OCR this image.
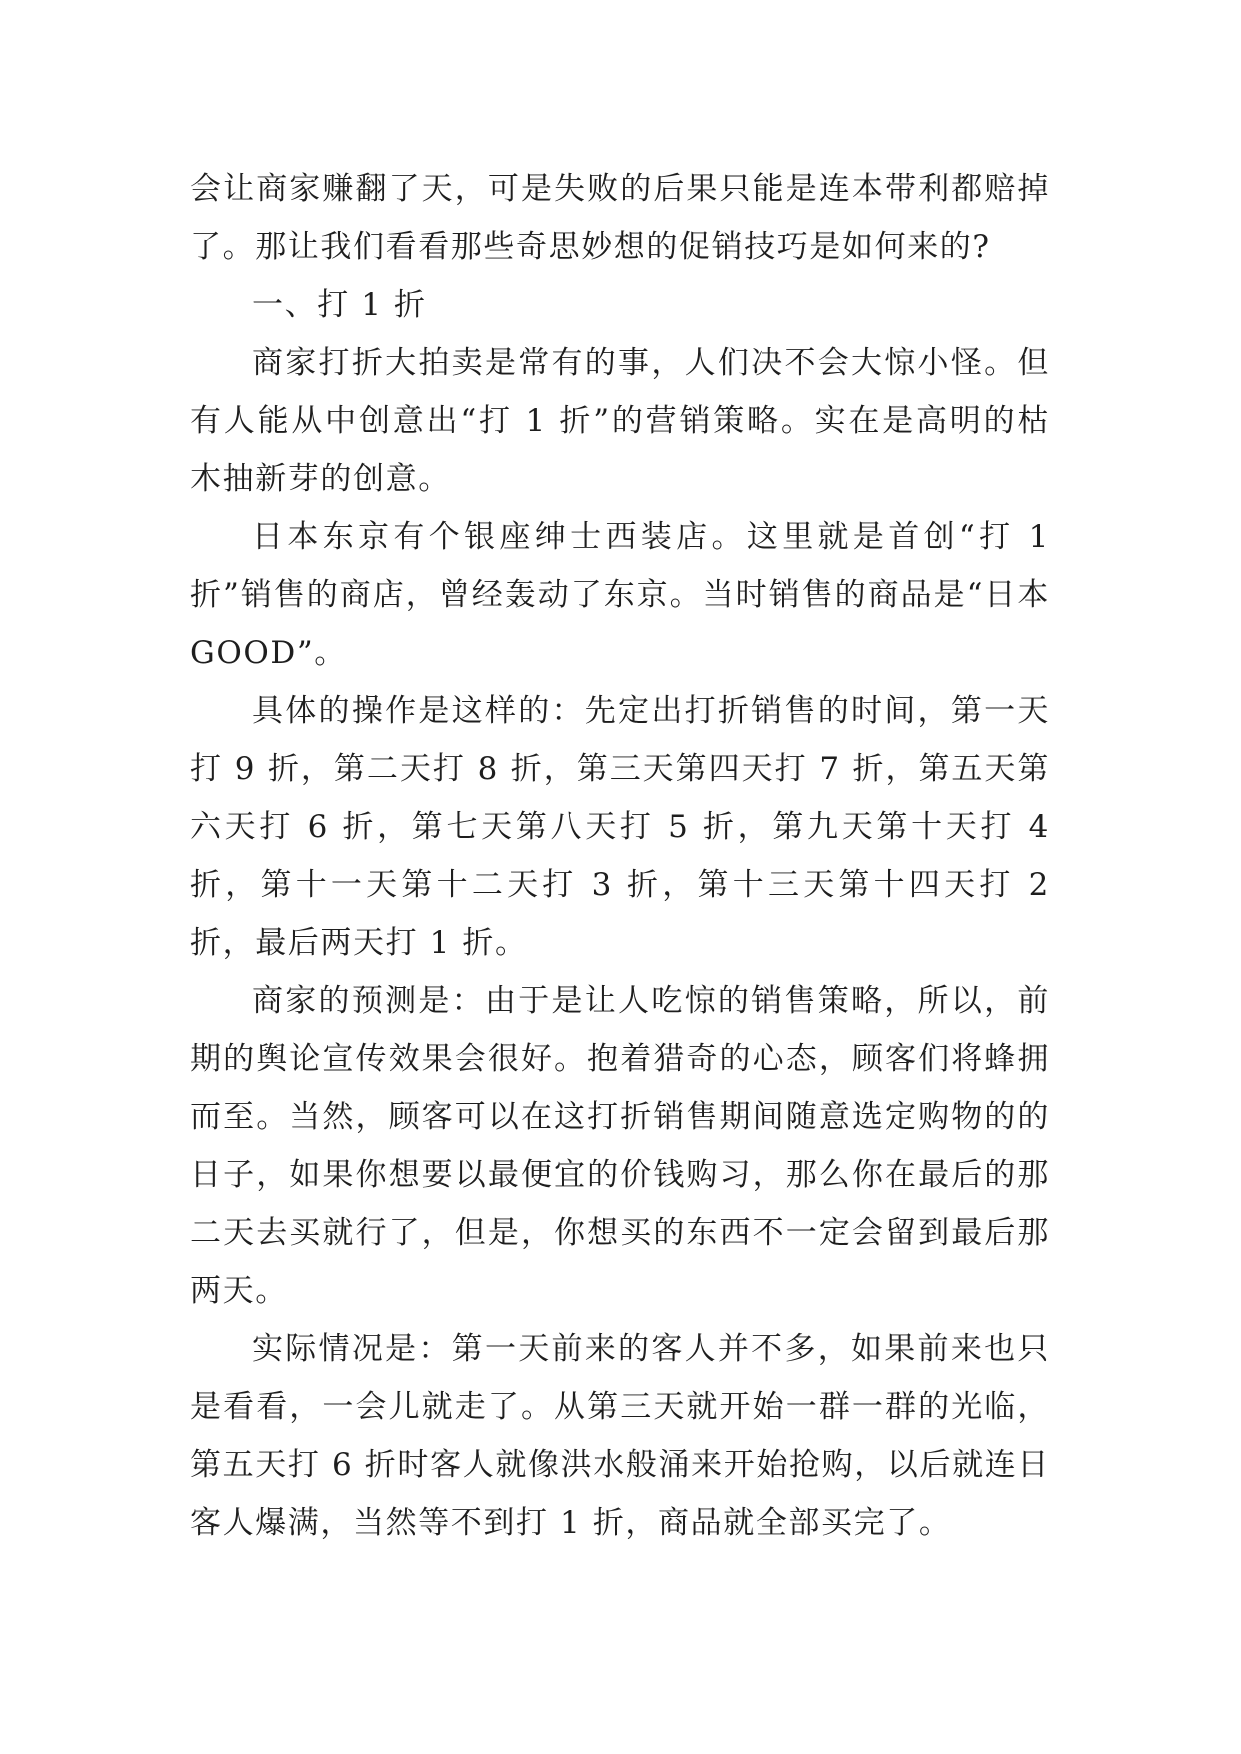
会让商家赚翻了天，可是失败的后果只能是连本带利都赔掉了。那让我们看看那些奇思妙想的促销技巧是如何来的?

一、打 1 折

商家打折大拍卖是常有的事，人们决不会大惊小怪。但有人能从中创意出“打 1 折”的营销策略。实在是高明的枯木抽新芽的创意。

日本东京有个银座绅士西装店。这里就是首创“打 1 折”销售的商店，曾经轰动了东京。当时销售的商品是“日本GOOD”。

具体的操作是这样的：先定出打折销售的时间，第一天打 9 折，第二天打 8 折，第三天第四天打 7 折，第五天第六天打 6 折，第七天第八天打 5 折，第九天第十天打 4 折，第十一天第十二天打 3 折，第十三天第十四天打 2 折，最后两天打 1 折。

商家的预测是：由于是让人吃惊的销售策略，所以，前期的舆论宣传效果会很好。抱着猎奇的心态，顾客们将蜂拥而至。当然，顾客可以在这打折销售期间随意选定购物的的日子，如果你想要以最便宜的价钱购习，那么你在最后的那二天去买就行了，但是，你想买的东西不一定会留到最后那两天。

实际情况是：第一天前来的客人并不多，如果前来也只是看看，一会儿就走了。从第三天就开始一群一群的光临，第五天打 6 折时客人就像洪水般涌来开始抢购，以后就连日客人爆满，当然等不到打 1 折，商品就全部买完了。
